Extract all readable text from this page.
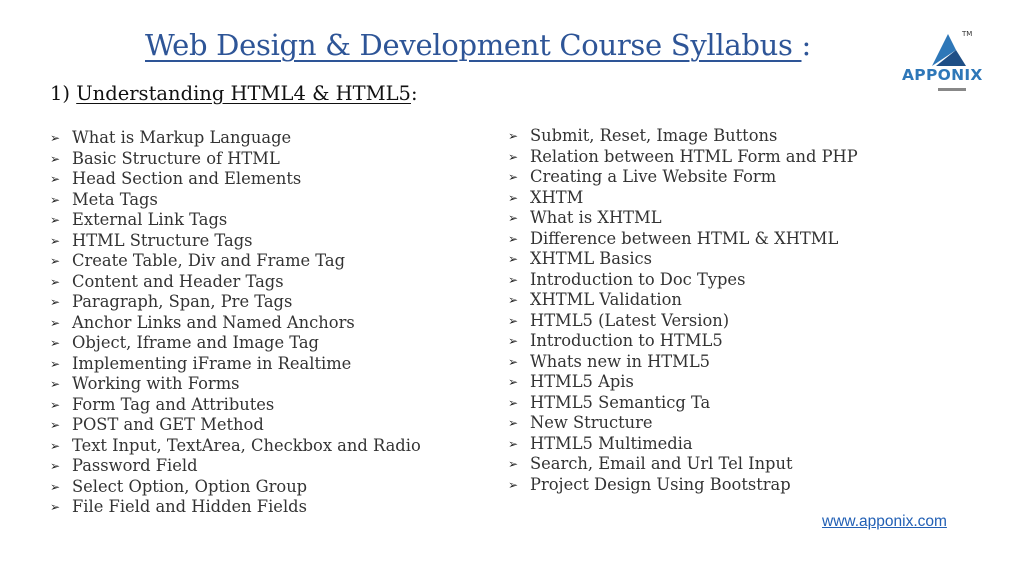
Web Design & Development Course Syllabus :
1) Understanding HTML4 & HTML5:
➢ What is Markup Language
➢ Basic Structure of HTML
➢ Head Section and Elements
➢ Meta Tags
➢ External Link Tags
➢ HTML Structure Tags
➢ Create Table, Div and Frame Tag
➢ Content and Header Tags
➢ Paragraph, Span, Pre Tags
➢ Anchor Links and Named Anchors
➢ Object, Iframe and Image Tag
➢ Implementing iFrame in Realtime
➢ Working with Forms
➢ Form Tag and Attributes
➢ POST and GET Method
➢ Text Input, TextArea, Checkbox and Radio
➢ Password Field
➢ Select Option, Option Group
➢ File Field and Hidden Fields
➢ Submit, Reset, Image Buttons
➢ Relation between HTML Form and PHP
➢ Creating a Live Website Form
➢ XHTM
➢ What is XHTML
➢ Difference between HTML & XHTML
➢ XHTML Basics
➢ Introduction to Doc Types
➢ XHTML Validation
➢ HTML5 (Latest Version)
➢ Introduction to HTML5
➢ Whats new in HTML5
➢ HTML5 Apis
➢ HTML5 Semanticg Ta
➢ New Structure
➢ HTML5 Multimedia
➢ Search, Email and Url Tel Input
➢ Project Design Using Bootstrap
TM
APPONIX
www.apponix.com
